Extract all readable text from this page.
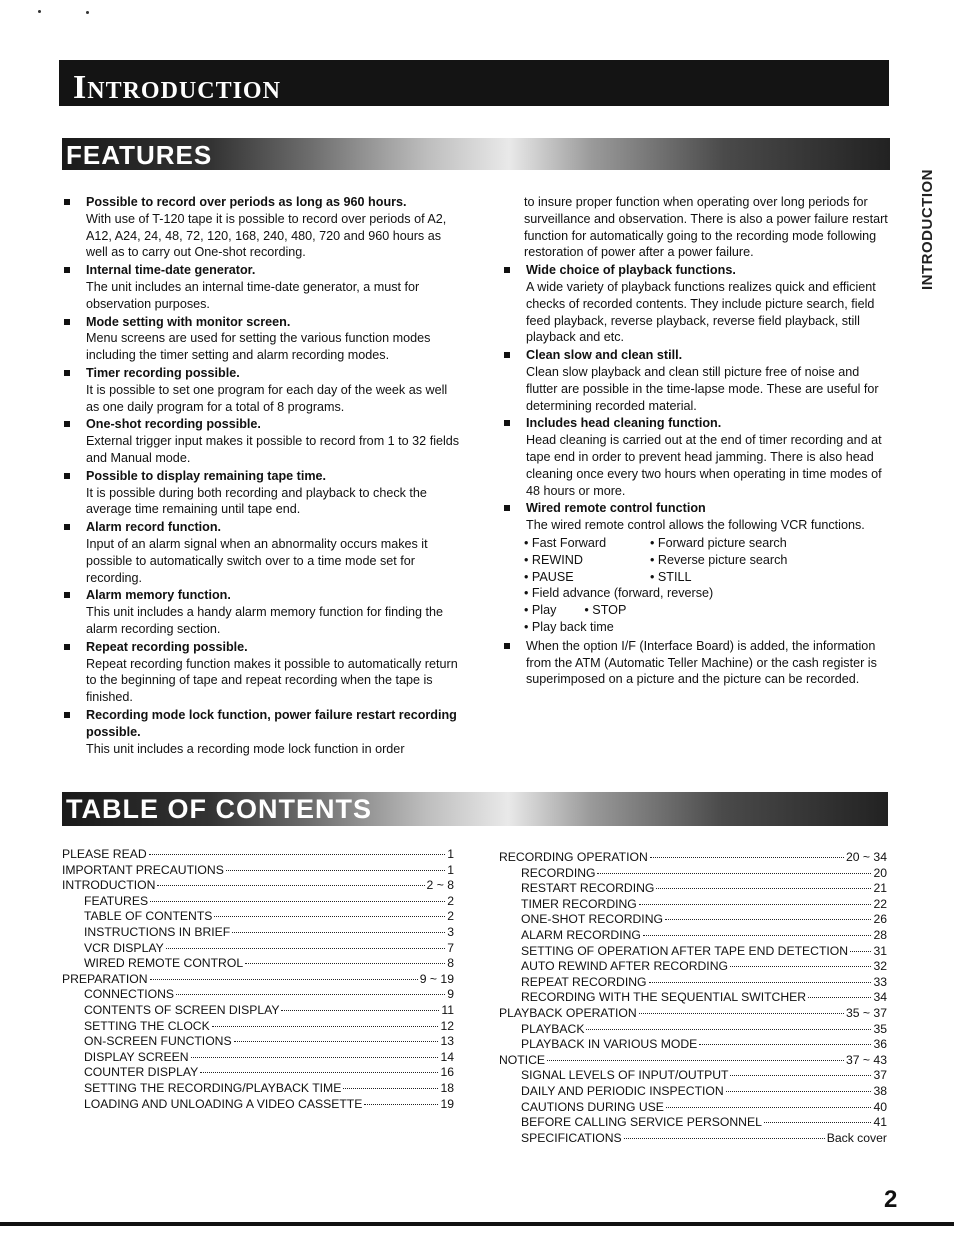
Introduction
INTRODUCTION
FEATURES
Possible to record over periods as long as 960 hours.
With use of T-120 tape it is possible to record over periods of A2, A12, A24, 24, 48, 72, 120, 168, 240, 480, 720 and 960 hours as well as to carry out One-shot recording.
Internal time-date generator.
The unit includes an internal time-date generator, a must for observation purposes.
Mode setting with monitor screen.
Menu screens are used for setting the various function modes including the timer setting and alarm recording modes.
Timer recording possible.
It is possible to set one program for each day of the week as well as one daily program for a total of 8 programs.
One-shot recording possible.
External trigger input makes it possible to record from 1 to 32 fields and Manual mode.
Possible to display remaining tape time.
It is possible during both recording and playback to check the average time remaining until tape end.
Alarm record function.
Input of an alarm signal when an abnormality occurs makes it possible to automatically switch over to a time mode set for recording.
Alarm memory function.
This unit includes a handy alarm memory function for finding the alarm recording section.
Repeat recording possible.
Repeat recording function makes it possible to automatically return to the beginning of tape and repeat recording when the tape is finished.
Recording mode lock function, power failure restart recording possible.
This unit includes a recording mode lock function in order
to insure proper function when operating over long periods for surveillance and observation. There is also a power failure restart function for automatically going to the recording mode following restoration of power after a power failure.
Wide choice of playback functions.
A wide variety of playback functions realizes quick and efficient checks of recorded contents. They include picture search, field feed playback, reverse playback, reverse field playback, still playback and etc.
Clean slow and clean still.
Clean slow playback and clean still picture free of noise and flutter are possible in the time-lapse mode. These are useful for determining recorded material.
Includes head cleaning function.
Head cleaning is carried out at the end of timer recording and at tape end in order to prevent head jamming. There is also head cleaning once every two hours when operating in time modes of 48 hours or more.
Wired remote control function
The wired remote control allows the following VCR functions.
• Fast Forward	• Forward picture search
• REWIND	• Reverse picture search
• PAUSE	• STILL
• Field advance (forward, reverse)
• Play        • STOP
• Play back time
When the option I/F (Interface Board) is added, the information from the ATM (Automatic Teller Machine) or the cash register is superimposed on a picture and the picture can be recorded.
TABLE OF CONTENTS
PLEASE READ	1
IMPORTANT PRECAUTIONS	1
INTRODUCTION	2 ~ 8
FEATURES	2
TABLE OF CONTENTS	2
INSTRUCTIONS IN BRIEF	3
VCR DISPLAY	7
WIRED REMOTE CONTROL	8
PREPARATION	9 ~ 19
CONNECTIONS	9
CONTENTS OF SCREEN DISPLAY	11
SETTING THE CLOCK	12
ON-SCREEN FUNCTIONS	13
DISPLAY SCREEN	14
COUNTER DISPLAY	16
SETTING THE RECORDING/PLAYBACK TIME	18
LOADING AND UNLOADING A VIDEO CASSETTE	19
RECORDING OPERATION	20 ~ 34
RECORDING	20
RESTART RECORDING	21
TIMER RECORDING	22
ONE-SHOT RECORDING	26
ALARM RECORDING	28
SETTING OF OPERATION AFTER TAPE END DETECTION 31
AUTO REWIND AFTER RECORDING	32
REPEAT RECORDING	33
RECORDING WITH THE SEQUENTIAL SWITCHER	34
PLAYBACK OPERATION	35 ~ 37
PLAYBACK	35
PLAYBACK IN VARIOUS MODE	36
NOTICE	37 ~ 43
SIGNAL LEVELS OF INPUT/OUTPUT	37
DAILY AND PERIODIC INSPECTION	38
CAUTIONS DURING USE	40
BEFORE CALLING SERVICE PERSONNEL	41
SPECIFICATIONS	Back cover
2
